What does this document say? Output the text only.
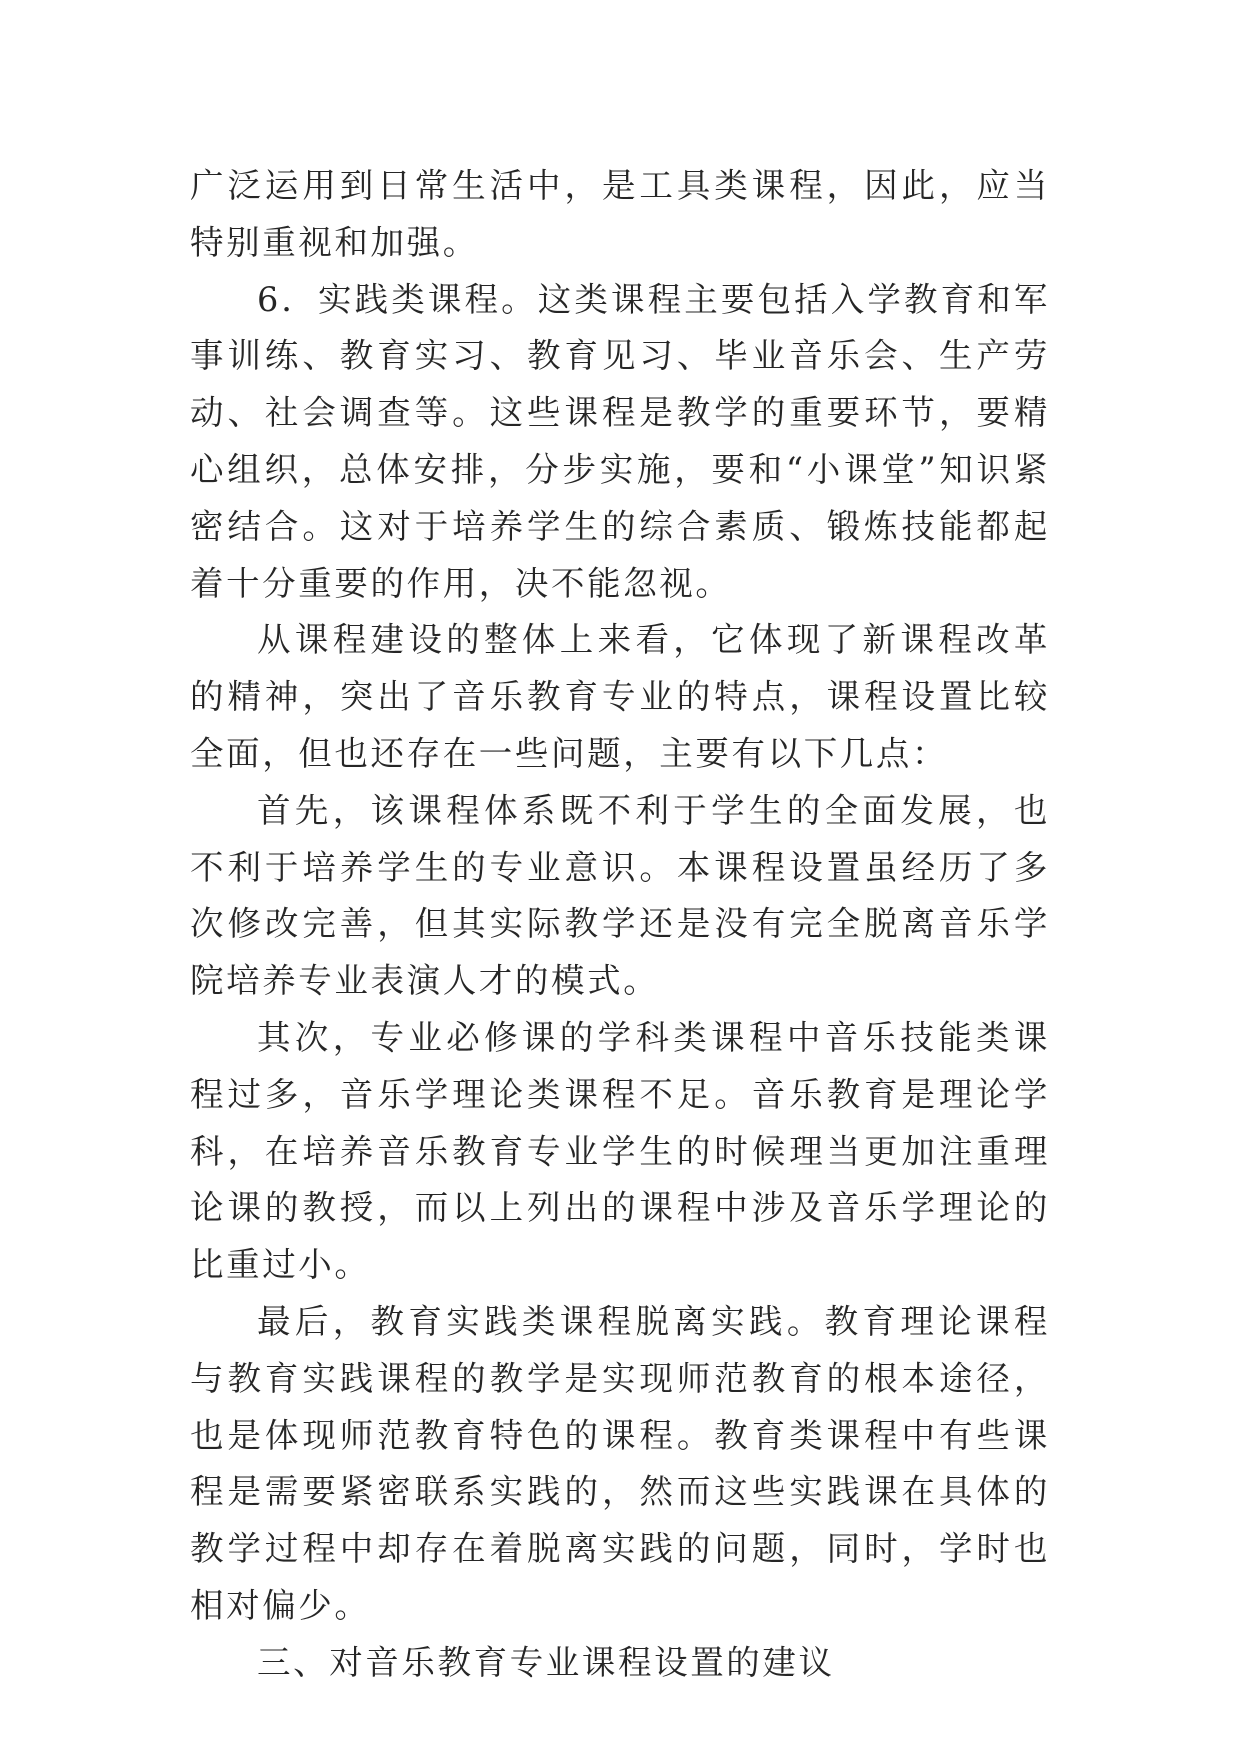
广泛运用到日常生活中，是工具类课程，因此，应当特别重视和加强。

6．实践类课程。这类课程主要包括入学教育和军事训练、教育实习、教育见习、毕业音乐会、生产劳动、社会调查等。这些课程是教学的重要环节，要精心组织，总体安排，分步实施，要和“小课堂”知识紧密结合。这对于培养学生的综合素质、锻炼技能都起着十分重要的作用，决不能忽视。

从课程建设的整体上来看，它体现了新课程改革的精神，突出了音乐教育专业的特点，课程设置比较全面，但也还存在一些问题，主要有以下几点：

首先，该课程体系既不利于学生的全面发展，也不利于培养学生的专业意识。本课程设置虽经历了多次修改完善，但其实际教学还是没有完全脱离音乐学院培养专业表演人才的模式。

其次，专业必修课的学科类课程中音乐技能类课程过多，音乐学理论类课程不足。音乐教育是理论学科，在培养音乐教育专业学生的时候理当更加注重理论课的教授，而以上列出的课程中涉及音乐学理论的比重过小。

最后，教育实践类课程脱离实践。教育理论课程与教育实践课程的教学是实现师范教育的根本途径，也是体现师范教育特色的课程。教育类课程中有些课程是需要紧密联系实践的，然而这些实践课在具体的教学过程中却存在着脱离实践的问题，同时，学时也相对偏少。

三、对音乐教育专业课程设置的建议
